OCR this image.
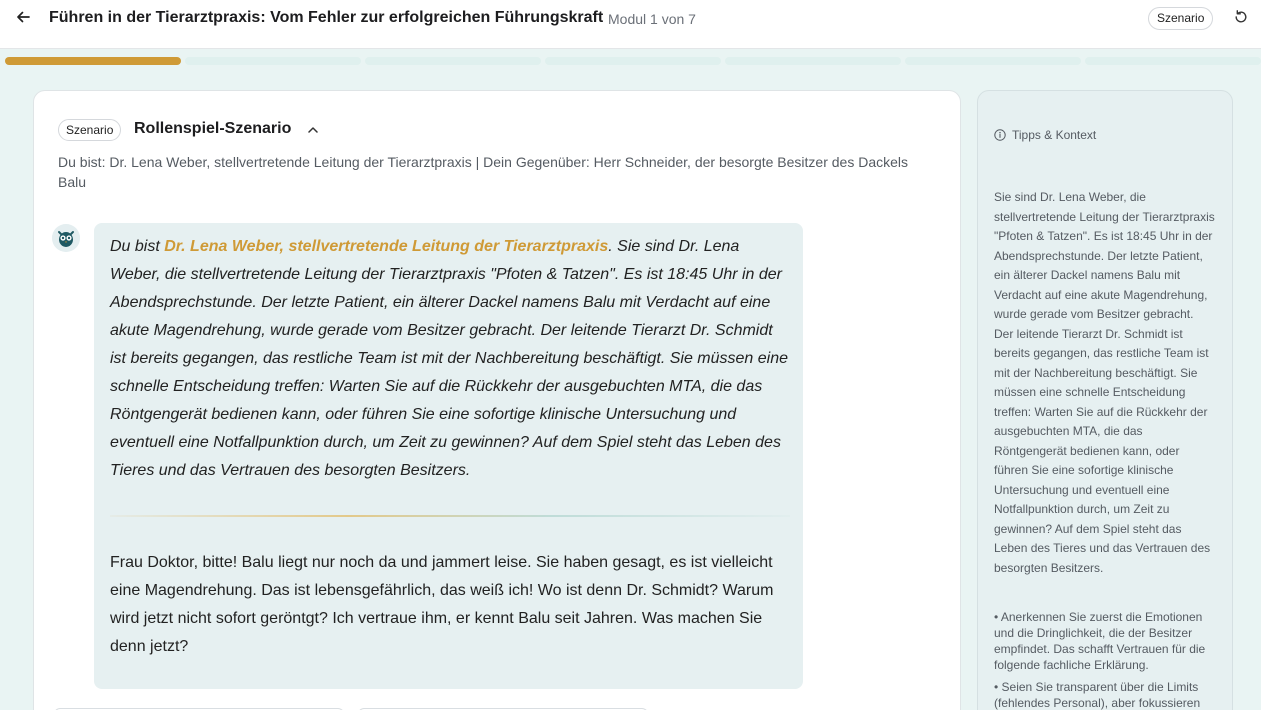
Führen in der Tierarztpraxis: Vom Fehler zur erfolgreichen Führungskraft Modul 1 von 7	Szenario
Szenario	Rollenspiel-Szenario
Du bist: Dr. Lena Weber, stellvertretende Leitung der Tierarztpraxis | Dein Gegenüber: Herr Schneider, der besorgte Besitzer des Dackels Balu
Du bist Dr. Lena Weber, stellvertretende Leitung der Tierarztpraxis. Sie sind Dr. Lena Weber, die stellvertretende Leitung der Tierarztpraxis "Pfoten & Tatzen". Es ist 18:45 Uhr in der Abendsprechstunde. Der letzte Patient, ein älterer Dackel namens Balu mit Verdacht auf eine akute Magendrehung, wurde gerade vom Besitzer gebracht. Der leitende Tierarzt Dr. Schmidt ist bereits gegangen, das restliche Team ist mit der Nachbereitung beschäftigt. Sie müssen eine schnelle Entscheidung treffen: Warten Sie auf die Rückkehr der ausgebuchten MTA, die das Röntgengerät bedienen kann, oder führen Sie eine sofortige klinische Untersuchung und eventuell eine Notfallpunktion durch, um Zeit zu gewinnen? Auf dem Spiel steht das Leben des Tieres und das Vertrauen des besorgten Besitzers.
Frau Doktor, bitte! Balu liegt nur noch da und jammert leise. Sie haben gesagt, es ist vielleicht eine Magendrehung. Das ist lebensgefährlich, das weiß ich! Wo ist denn Dr. Schmidt? Warum wird jetzt nicht sofort geröntgt? Ich vertraue ihm, er kennt Balu seit Jahren. Was machen Sie denn jetzt?
Tipps & Kontext
Sie sind Dr. Lena Weber, die stellvertretende Leitung der Tierarztpraxis "Pfoten & Tatzen". Es ist 18:45 Uhr in der Abendsprechstunde. Der letzte Patient, ein älterer Dackel namens Balu mit Verdacht auf eine akute Magendrehung, wurde gerade vom Besitzer gebracht. Der leitende Tierarzt Dr. Schmidt ist bereits gegangen, das restliche Team ist mit der Nachbereitung beschäftigt. Sie müssen eine schnelle Entscheidung treffen: Warten Sie auf die Rückkehr der ausgebuchten MTA, die das Röntgengerät bedienen kann, oder führen Sie eine sofortige klinische Untersuchung und eventuell eine Notfallpunktion durch, um Zeit zu gewinnen? Auf dem Spiel steht das Leben des Tieres und das Vertrauen des besorgten Besitzers.
• Anerkennen Sie zuerst die Emotionen und die Dringlichkeit, die der Besitzer empfindet. Das schafft Vertrauen für die folgende fachliche Erklärung.
• Seien Sie transparent über die Limits (fehlendes Personal), aber fokussieren
